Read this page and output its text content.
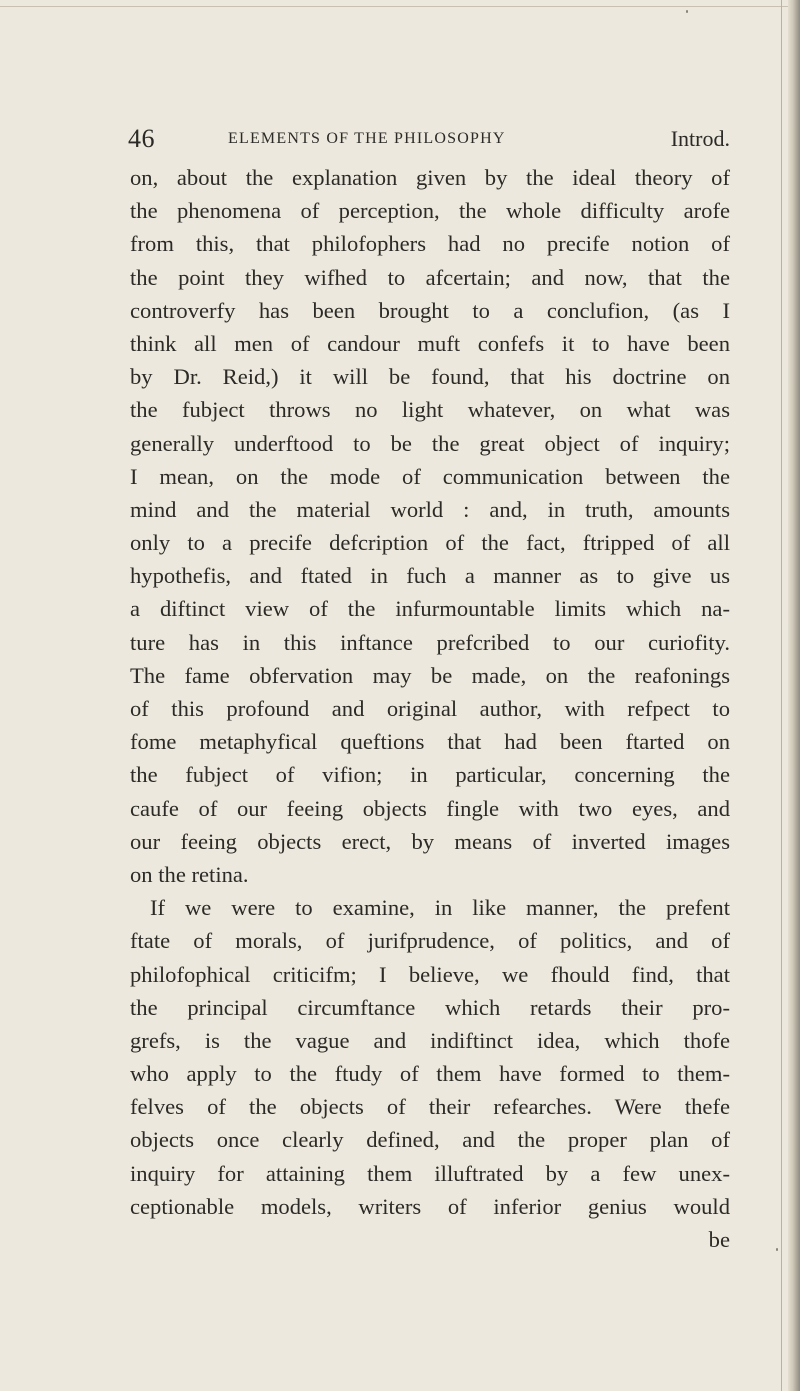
46	ELEMENTS OF THE PHILOSOPHY	Introd.
on, about the explanation given by the ideal theory of
the phenomena of perception, the whole difficulty arofe
from this, that philofophers had no precife notion of
the point they wifhed to afcertain; and now, that the
controverfy has been brought to a conclufion, (as I
think all men of candour muft confefs it to have been
by Dr. Reid,) it will be found, that his doctrine on
the fubject throws no light whatever, on what was
generally underftood to be the great object of inquiry;
I mean, on the mode of communication between the
mind and the material world : and, in truth, amounts
only to a precife defcription of the fact, ftripped of all
hypothefis, and ftated in fuch a manner as to give us
a diftinct view of the infurmountable limits which na-
ture has in this inftance prefcribed to our curiofity.
The fame obfervation may be made, on the reafonings
of this profound and original author, with refpect to
fome metaphyfical queftions that had been ftarted on
the fubject of vifion; in particular, concerning the
caufe of our feeing objects fingle with two eyes, and
our feeing objects erect, by means of inverted images
on the retina.
If we were to examine, in like manner, the prefent
ftate of morals, of jurifprudence, of politics, and of
philofophical criticifm; I believe, we fhould find, that
the principal circumftance which retards their pro-
grefs, is the vague and indiftinct idea, which thofe
who apply to the ftudy of them have formed to them-
felves of the objects of their refearches. Were thefe
objects once clearly defined, and the proper plan of
inquiry for attaining them illuftrated by a few unex-
ceptionable models, writers of inferior genius would
be
